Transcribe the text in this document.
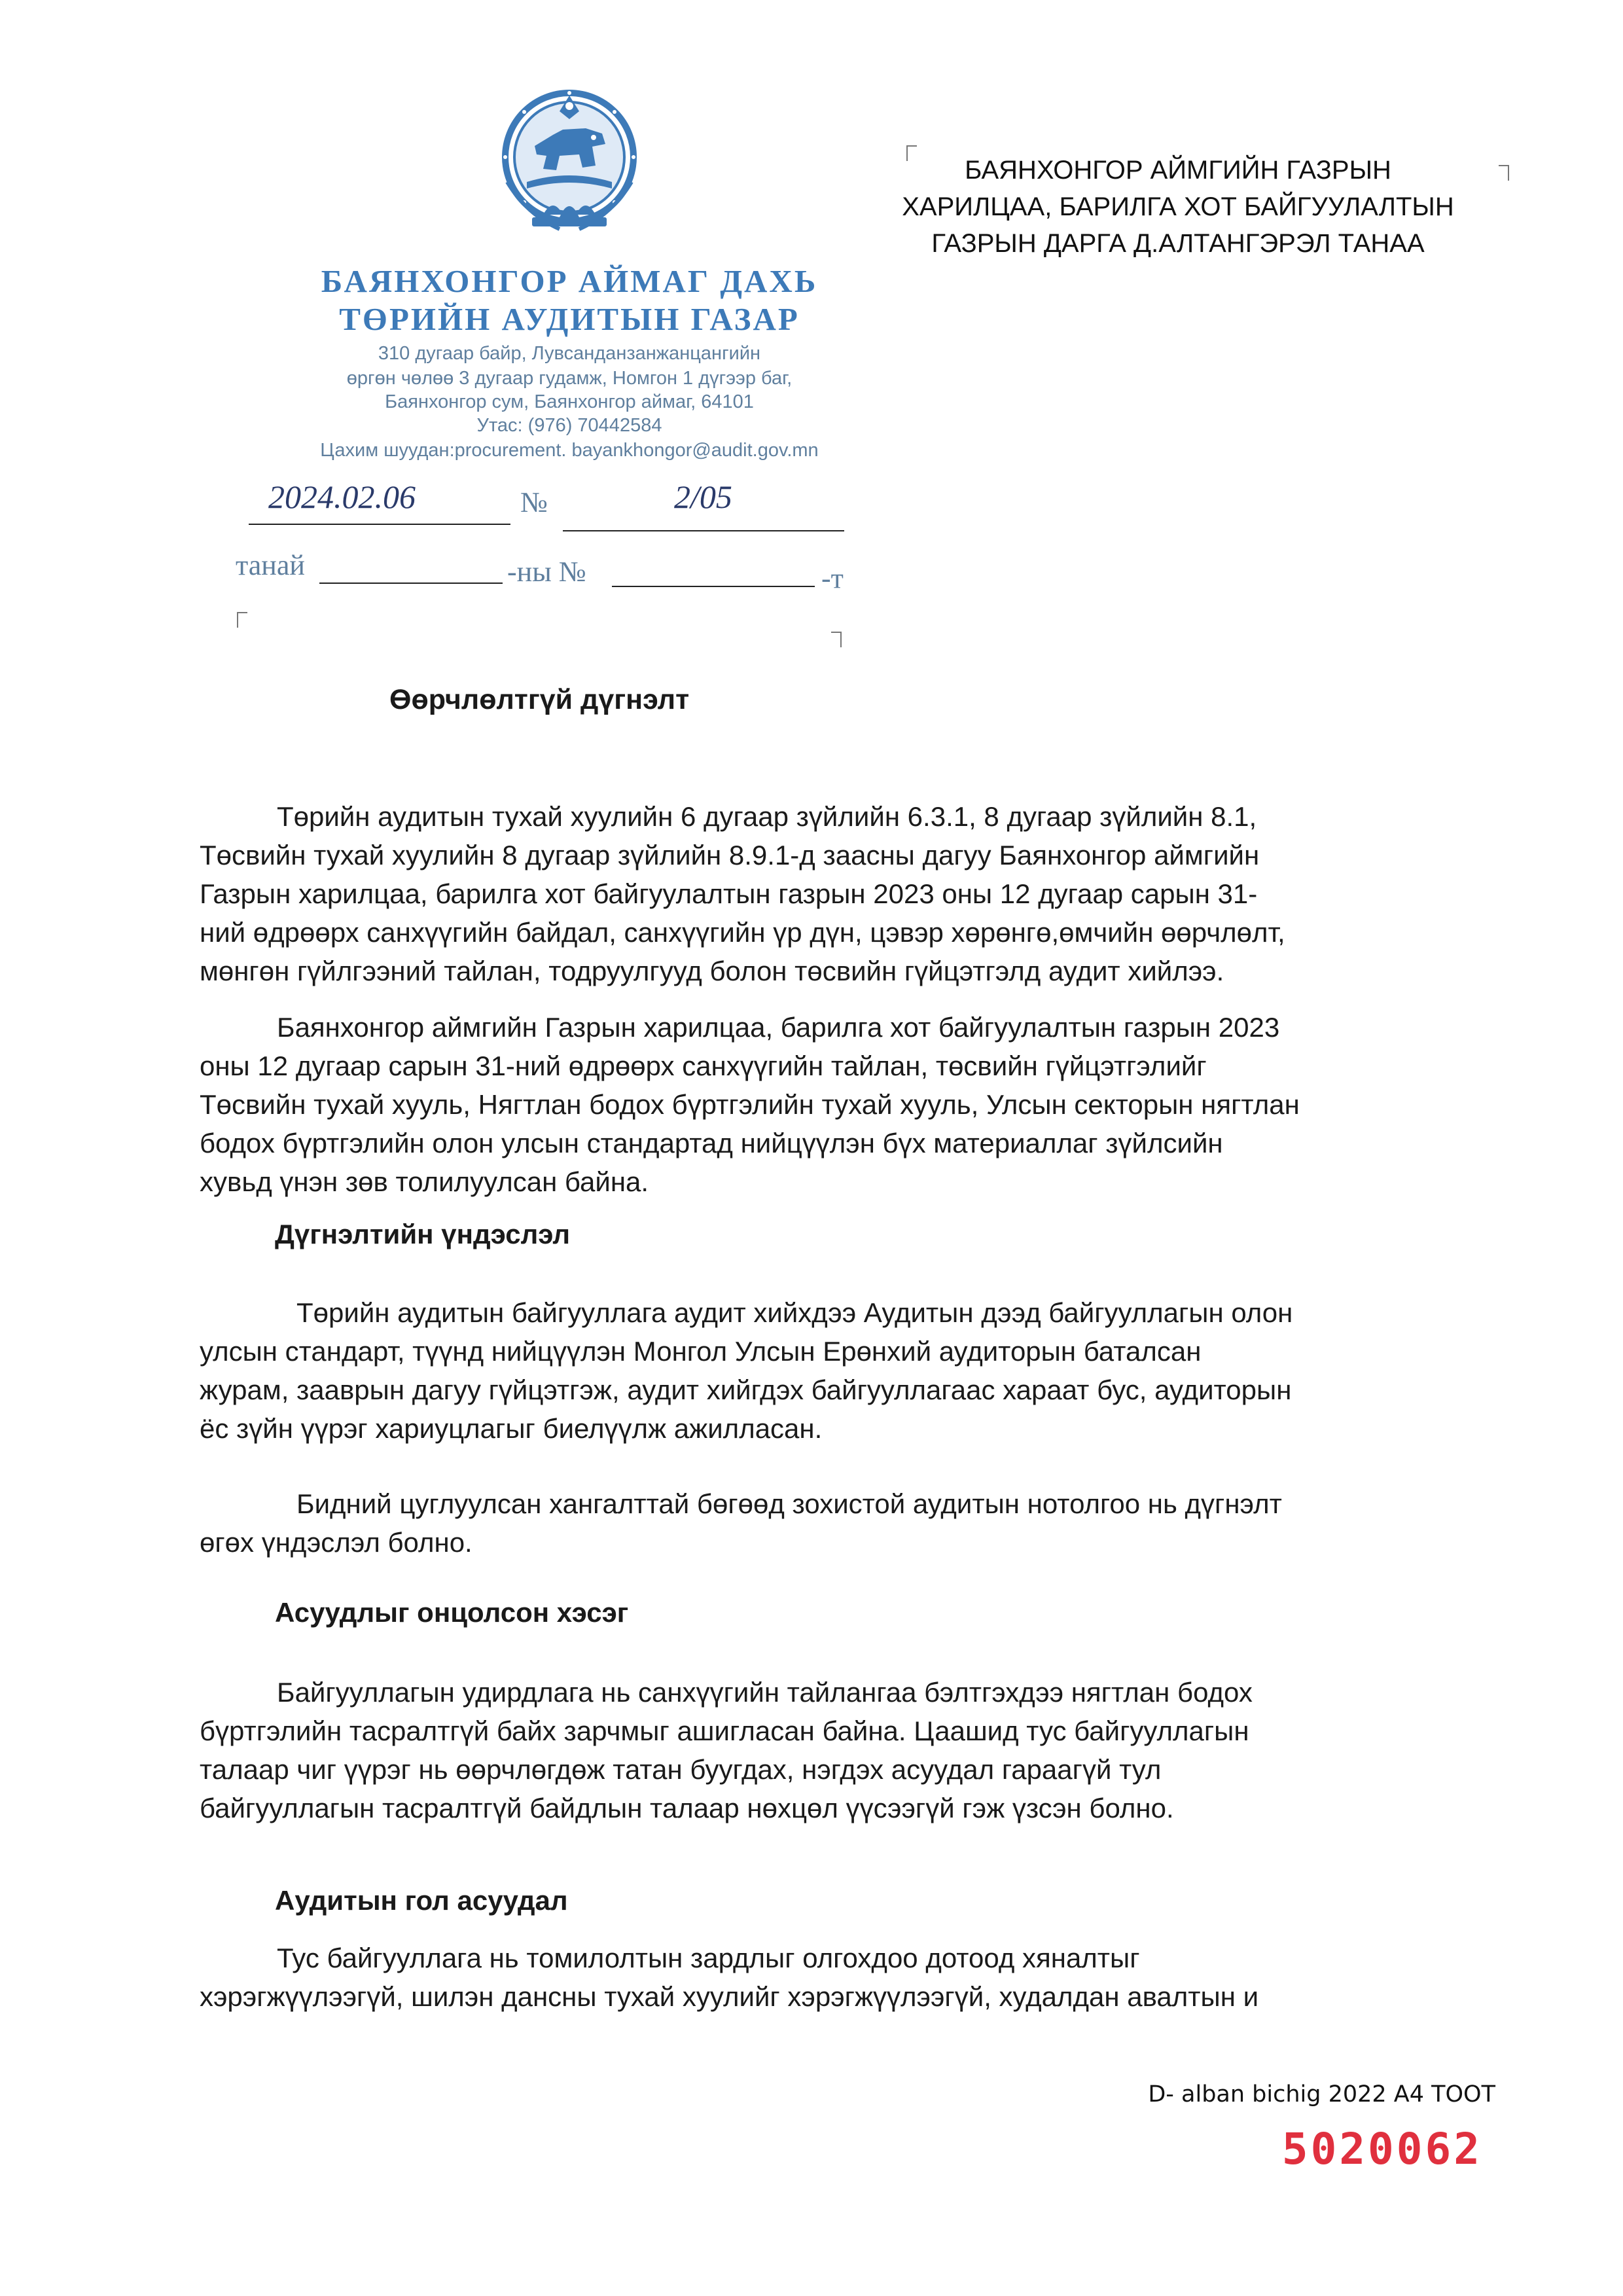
БАЯНХОНГОР АЙМАГ ДАХЬ
ТӨРИЙН АУДИТЫН ГАЗАР
310 дугаар байр, Лувсанданзанжанцангийн
өргөн чөлөө 3 дугаар гудамж, Номгон 1 дүгээр баг,
Баянхонгор сум, Баянхонгор аймаг, 64101
Утас: (976) 70442584
Цахим шуудан:procurement. bayankhongor@audit.gov.mn
2024.02.06	№	2/05
танай	-ны №	-т
БАЯНХОНГОР АЙМГИЙН ГАЗРЫН
ХАРИЛЦАА, БАРИЛГА ХОТ БАЙГУУЛАЛТЫН
ГАЗРЫН ДАРГА Д.АЛТАНГЭРЭЛ ТАНАА
Өөрчлөлтгүй дүгнэлт
Төрийн аудитын тухай хуулийн 6 дугаар зүйлийн 6.3.1, 8 дугаар зүйлийн 8.1,
Төсвийн тухай хуулийн 8 дугаар зүйлийн 8.9.1-д заасны дагуу Баянхонгор аймгийн
Газрын харилцаа, барилга хот байгуулалтын газрын 2023 оны 12 дугаар сарын 31-
ний өдрөөрх санхүүгийн байдал, санхүүгийн үр дүн, цэвэр хөрөнгө,өмчийн өөрчлөлт,
мөнгөн гүйлгээний тайлан, тодруулгууд болон төсвийн гүйцэтгэлд аудит хийлээ.
Баянхонгор аймгийн Газрын харилцаа, барилга хот байгуулалтын газрын 2023
оны 12 дугаар сарын 31-ний өдрөөрх санхүүгийн тайлан, төсвийн гүйцэтгэлийг
Төсвийн тухай хууль, Нягтлан бодох бүртгэлийн тухай хууль, Улсын секторын нягтлан
бодох бүртгэлийн олон улсын стандартад нийцүүлэн бүх материаллаг зүйлсийн
хувьд үнэн зөв толилуулсан байна.
Дүгнэлтийн үндэслэл
Төрийн аудитын байгууллага аудит хийхдээ Аудитын дээд байгууллагын олон
улсын стандарт, түүнд нийцүүлэн Монгол Улсын Ерөнхий аудиторын баталсан
журам, зааврын дагуу гүйцэтгэж, аудит хийгдэх байгууллагаас хараат бус, аудиторын
ёс зүйн үүрэг хариуцлагыг биелүүлж ажилласан.
Бидний цуглуулсан хангалттай бөгөөд зохистой аудитын нотолгоо нь дүгнэлт
өгөх үндэслэл болно.
Асуудлыг онцолсон хэсэг
Байгууллагын удирдлага нь санхүүгийн тайлангаа бэлтгэхдээ нягтлан бодох
бүртгэлийн тасралтгүй байх зарчмыг ашигласан байна. Цаашид тус байгууллагын
талаар чиг үүрэг нь өөрчлөгдөж татан буугдах, нэгдэх асуудал гараагүй тул
байгууллагын тасралтгүй байдлын талаар нөхцөл үүсээгүй гэж үзсэн болно.
Аудитын гол асуудал
Тус байгууллага нь томилолтын зардлыг олгохдоо дотоод хяналтыг
хэрэгжүүлээгүй, шилэн дансны тухай хуулийг хэрэгжүүлээгүй, худалдан авалтын и
D- alban bichig 2022 A4 TOOT
5020062
